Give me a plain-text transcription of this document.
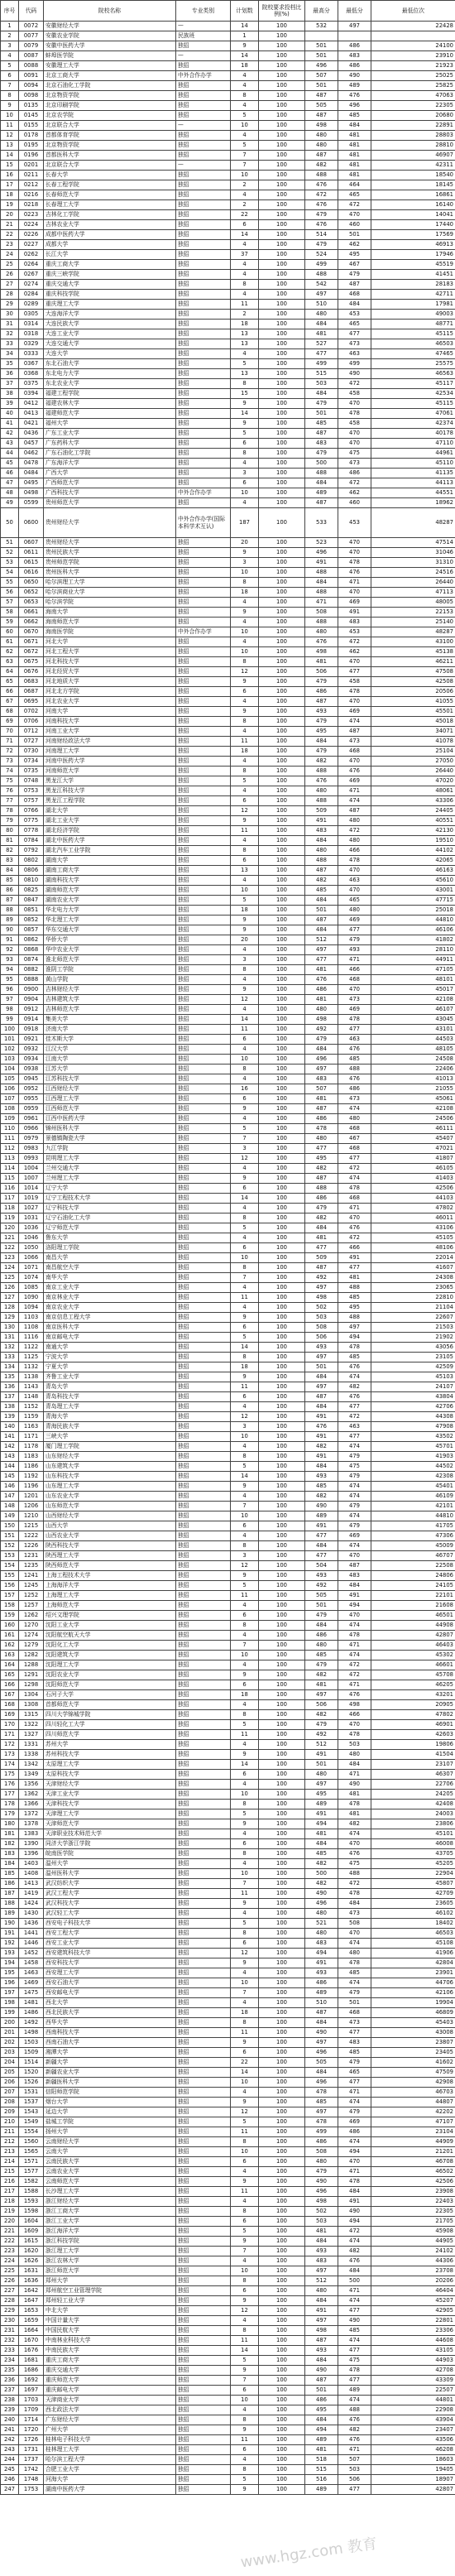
序号	代码	院校名称	专业类别	计划数	院校要求投档比例(%)	最高分	最低分	最低位次
1	0072	安徽财经大学	—	14	100	532	497	22428
2	0077	安徽农业学院	民族班	1	100			
3	0079	安徽中医药大学	独招	9	100	501	486	24100
4	0087	蚌埠医学院	—	14	100	501	483	23910
5	0088	安徽理工大学	独招	18	100	496	486	21923
6	0091	北京工商大学	中外合作办学	4	100	507	490	25025
7	0094	北京石油化工学院	独招	4	100	501	489	25825
8	0098	北京物资学院	独招	8	100	487	476	47063
9	0135	北京印刷学院	独招	4	100	505	496	22305
10	0145	北京农学院	独招	5	100	487	485	20680
11	0155	北京联合大学	—	10	100	498	484	22891
12	0178	首都体育学院	独招	4	100	480	481	28803
13	0195	北京物资学院	独招	5	100	480	481	28810
14	0196	首都医科大学	独招	7	100	487	481	46907
15	0201	北京联合大学	—	7	100	482	481	42311
16	0211	长春大学	独招	10	100	488	481	18540
17	0212	长春工程学院	独招	2	100	476	464	18145
18	0216	长春师范大学	独招	4	100	472	465	16861
19	0218	长春理工大学	独招	2	100	476	472	16140
20	0223	吉林化工学院	独招	22	100	479	470	14041
21	0224	吉林农业大学	独招	6	100	476	460	17440
22	0226	成都中医药大学	独招	14	100	514	501	17569
23	0227	成都大学	独招	4	100	479	462	46913
24	0262	长江大学	独招	37	100	524	495	17946
25	0264	重庆工商大学	独招	4	100	499	467	45519
26	0267	重庆三峡学院	独招	4	100	488	479	41451
27	0274	重庆交通大学	独招	8	100	542	487	28183
28	0284	重庆科技学院	独招	4	100	497	468	42711
29	0289	重庆理工大学	独招	11	100	510	484	17981
30	0305	大连海洋大学	独招	2	100	480	453	49003
31	0314	大连民族大学	独招	18	100	484	465	48771
32	0318	大连工业大学	独招	13	100	481	477	45115
33	0329	大连交通大学	独招	13	100	527	473	46503
34	0333	大连大学	独招	4	100	477	463	47465
35	0367	东北石油大学	独招	5	100	499	499	25575
36	0368	东北电力大学	独招	13	100	515	490	46563
37	0375	东北农业大学	独招	8	100	503	472	45117
38	0394	福建工程学院	独招	15	100	484	458	42534
39	0412	福建农林大学	独招	9	100	479	470	45115
40	0413	福建师范大学	独招	14	100	501	478	47061
41	0421	福州大学	独招	9	100	485	458	42374
42	0436	广东工业大学	独招	5	100	487	470	40178
43	0457	广东药科大学	独招	6	100	483	470	47110
44	0462	广东石油化工学院	独招	8	100	479	475	44961
45	0478	广东海洋大学	独招	4	100	500	473	45110
46	0484	广西大学	独招	3	100	488	486	41135
47	0495	广西师范大学	独招	6	100	484	472	44113
48	0498	广西科技大学	中外合作办学	10	100	489	462	44551
49	0599	贵州师范大学	独招	4	100	487	460	18962
50	0600	贵州财经大学	中外合作办学(国际本科学术互认)	187	100	533	453	48287
51	0607	贵州财经大学	独招	20	100	523	470	47514
52	0611	贵州民族大学	独招	9	100	496	470	31046
53	0615	贵州师范学院	独招	3	100	491	478	31310
54	0616	贵州医科大学	独招	10	100	488	476	24516
55	0650	哈尔滨理工大学	独招	8	100	484	471	26440
56	0652	哈尔滨商业大学	独招	18	100	488	470	47113
57	0653	哈尔滨学院	独招	4	100	471	469	48005
58	0661	海南大学	独招	9	100	508	491	22153
59	0662	海南师范大学	独招	4	100	488	483	25140
60	0670	海南医学院	中外合作办学	10	100	480	453	48287
61	0671	河北大学	独招	4	100	476	472	43100
62	0672	河北工程大学	独招	10	100	498	462	45138
63	0675	河北科技大学	独招	8	100	481	470	46211
64	0676	河北经贸大学	独招	12	100	506	477	47508
65	0683	河北地质大学	独招	9	100	479	458	42508
66	0687	河北北方学院	独招	6	100	486	478	20506
67	0695	河北农业大学	独招	4	100	487	470	41055
68	0702	河南大学	独招	9	100	493	469	45501
69	0706	河南科技大学	独招	8	100	479	474	45018
70	0712	河南工业大学	独招	4	100	495	487	34071
71	0727	河南财经政法大学	独招	11	100	484	473	41078
72	0730	河南理工大学	独招	18	100	479	468	25104
73	0734	河南中医药大学	独招	4	100	482	470	27050
74	0735	河南师范大学	独招	8	100	488	476	26440
75	0748	黑龙江大学	独招	5	100	476	469	47020
76	0753	黑龙江科技大学	独招	4	100	480	471	48061
77	0757	黑龙江工程学院	独招	6	100	488	474	43306
78	0766	湖北大学	独招	12	100	509	487	24405
79	0775	湖北工业大学	独招	9	100	491	480	40551
80	0778	湖北经济学院	独招	11	100	483	472	42130
81	0784	湖北中医药大学	独招	4	100	484	480	19510
82	0792	湖北汽车工业学院	独招	8	100	480	466	44102
83	0802	湖南大学	独招	6	100	488	478	42065
84	0806	湖南工商大学	独招	13	100	487	470	46163
85	0810	湖南科技大学	独招	4	100	482	463	45610
86	0825	湖南师范大学	独招	10	100	485	470	43001
87	0847	湖南农业大学	独招	5	100	484	465	47715
88	0851	华北电力大学	独招	18	100	501	480	25018
89	0852	华北理工大学	独招	9	100	487	469	44810
90	0857	华东交通大学	独招	9	100	484	477	46106
91	0862	华侨大学	独招	20	100	512	479	41802
92	0868	华中农业大学	独招	4	100	497	493	28110
93	0874	淮北师范大学	独招	3	100	477	471	44911
94	0882	淮阴工学院	独招	8	100	481	466	47105
95	0888	黄山学院	独招	4	100	476	468	48101
96	0900	吉林财经大学	独招	9	100	486	470	45017
97	0904	吉林建筑大学	独招	12	100	481	473	42108
98	0912	吉林师范大学	独招	4	100	480	469	46107
99	0914	集美大学	独招	14	100	498	478	43045
100	0918	济南大学	独招	11	100	492	477	43101
101	0921	佳木斯大学	独招	6	100	479	463	44503
102	0932	江汉大学	独招	4	100	484	476	48105
103	0934	江南大学	独招	10	100	496	485	24508
104	0938	江苏大学	独招	8	100	497	488	22406
105	0945	江苏科技大学	独招	4	100	483	476	41013
106	0952	江西财经大学	独招	16	100	507	486	21055
107	0955	江西理工大学	独招	6	100	481	473	45061
108	0959	江西师范大学	独招	9	100	487	474	42108
109	0961	江西中医药大学	独招	4	100	486	480	24506
110	0966	锦州医科大学	独招	5	100	478	468	46111
111	0979	景德镇陶瓷大学	独招	7	100	480	467	45407
112	0983	九江学院	独招	3	100	477	468	47021
113	0993	昆明理工大学	独招	12	100	495	477	41807
114	1004	兰州交通大学	独招	4	100	482	472	46105
115	1007	兰州理工大学	独招	9	100	487	474	41403
116	1014	辽宁大学	独招	6	100	488	478	42506
117	1019	辽宁工程技术大学	独招	14	100	486	468	44103
118	1027	辽宁科技大学	独招	4	100	479	471	47802
119	1031	辽宁石油化工大学	独招	8	100	482	470	46011
120	1036	辽宁师范大学	独招	5	100	484	476	43106
121	1046	鲁东大学	独招	4	100	481	472	45105
122	1050	洛阳理工学院	独招	6	100	477	466	48106
123	1066	南昌大学	独招	10	100	509	491	22014
124	1071	南昌航空大学	独招	8	100	487	477	41607
125	1074	南华大学	独招	7	100	492	481	24308
126	1085	南京工业大学	独招	4	100	497	488	23065
127	1090	南京林业大学	独招	11	100	498	485	22810
128	1094	南京农业大学	独招	4	100	502	495	21104
129	1103	南京信息工程大学	独招	9	100	503	488	22607
130	1108	南京医科大学	独招	6	100	508	497	21503
131	1116	南京邮电大学	独招	5	100	506	494	21902
132	1122	南通大学	独招	14	100	493	478	43056
133	1125	宁波大学	独招	8	100	497	485	23105
134	1132	宁夏大学	独招	18	100	501	476	42509
135	1138	齐鲁工业大学	独招	9	100	484	474	45103
136	1143	青岛大学	独招	11	100	497	482	24107
137	1148	青岛科技大学	独招	6	100	487	476	43804
138	1152	青岛理工大学	独招	4	100	484	477	42706
139	1159	青海大学	独招	12	100	491	472	44308
140	1163	青海民族大学	独招	3	100	476	463	47908
141	1171	三峡大学	独招	10	100	491	477	43502
142	1178	厦门理工学院	独招	4	100	482	474	45701
143	1183	山东财经大学	独招	8	100	491	479	41903
144	1186	山东建筑大学	独招	5	100	484	475	44502
145	1192	山东科技大学	独招	14	100	493	479	42308
146	1196	山东理工大学	独招	9	100	485	474	45401
147	1201	山东农业大学	独招	4	100	482	474	46109
148	1206	山东师范大学	独招	7	100	490	479	42101
149	1210	山西财经大学	独招	10	100	489	474	44810
150	1215	山西大学	独招	6	100	491	479	41705
151	1222	山西农业大学	独招	4	100	477	469	47306
152	1226	陕西科技大学	独招	8	100	484	474	45009
153	1231	陕西理工大学	独招	3	100	477	470	46707
154	1235	陕西师范大学	独招	12	100	504	487	22508
155	1241	上海工程技术大学	独招	9	100	493	483	24806
156	1245	上海海洋大学	独招	5	100	492	484	24105
157	1252	上海理工大学	独招	11	100	505	491	22101
158	1257	上海师范大学	独招	4	100	501	494	21608
159	1262	绍兴文理学院	独招	6	100	479	470	46501
160	1270	沈阳工业大学	独招	8	100	484	474	44908
161	1274	沈阳航空航天大学	独招	4	100	486	478	42807
162	1279	沈阳化工大学	独招	7	100	480	471	46403
163	1282	沈阳建筑大学	独招	10	100	485	474	45302
164	1288	沈阳理工大学	独招	4	100	479	472	46601
165	1291	沈阳农业大学	独招	9	100	482	472	45708
166	1298	沈阳师范大学	独招	6	100	481	471	46205
167	1304	石河子大学	独招	18	100	497	476	43201
168	1308	首都师范大学	独招	4	100	506	498	20905
169	1315	四川大学锦城学院	独招	8	100	482	466	47802
170	1322	四川轻化工大学	独招	5	100	479	470	46901
171	1327	四川师范大学	独招	11	100	492	478	42603
172	1331	苏州大学	独招	4	100	512	503	19806
173	1338	苏州科技大学	独招	9	100	491	480	41504
174	1342	太原理工大学	独招	14	100	501	484	23107
175	1349	太原科技大学	独招	6	100	480	471	46307
176	1356	天津财经大学	独招	4	100	497	490	22706
177	1362	天津工业大学	独招	10	100	495	481	24205
178	1366	天津科技大学	独招	8	100	489	478	42408
179	1372	天津理工大学	独招	5	100	491	481	24003
180	1378	天津师范大学	独招	9	100	494	482	23806
181	1383	天津职业技术师范大学	独招	4	100	481	474	45101
182	1390	同济大学浙江学院	独招	6	100	484	470	46008
183	1396	皖南医学院	独招	8	100	485	476	43705
184	1403	温州大学	独招	4	100	482	475	45205
185	1408	温州医科大学	独招	10	100	500	488	22904
186	1413	武汉纺织大学	独招	7	100	482	472	45807
187	1419	武汉工程大学	独招	11	100	490	478	42709
188	1424	武汉科技大学	独招	9	100	496	484	23605
189	1430	武汉轻工大学	独招	4	100	480	473	46102
190	1436	西安电子科技大学	独招	5	100	521	508	18402
191	1441	西安工程大学	独招	8	100	480	470	46503
192	1446	西安工业大学	独招	6	100	483	474	45108
193	1452	西安建筑科技大学	独招	12	100	494	480	41906
194	1458	西安科技大学	独招	9	100	491	478	42804
195	1463	西安理工大学	独招	4	100	493	485	23901
196	1469	西安石油大学	独招	10	100	486	474	44706
197	1475	西安邮电大学	独招	7	100	489	479	42106
198	1481	西北大学	独招	4	100	510	501	19904
199	1486	西北民族大学	独招	18	100	487	468	46809
200	1492	西华大学	独招	8	100	484	473	45403
201	1498	西南科技大学	独招	11	100	490	477	43008
202	1503	西南石油大学	独招	9	100	497	483	23807
203	1509	湘潭大学	独招	6	100	496	485	23405
204	1514	新疆大学	独招	22	100	505	479	41602
205	1520	新疆农业大学	独招	14	100	484	465	47509
206	1526	新疆医科大学	独招	10	100	496	477	42908
207	1531	信阳师范学院	独招	4	100	478	471	46703
208	1537	烟台大学	独招	9	100	485	474	44807
209	1543	延边大学	独招	12	100	497	479	42202
210	1549	盐城工学院	独招	5	100	478	469	47107
211	1554	扬州大学	独招	11	100	499	486	23104
212	1560	云南财经大学	独招	8	100	486	474	44909
213	1565	云南大学	独招	10	100	508	494	21201
214	1571	云南民族大学	独招	6	100	480	470	46708
215	1577	云南农业大学	独招	4	100	479	471	46502
216	1582	云南师范大学	独招	9	100	490	478	42506
217	1588	长沙理工大学	独招	11	100	496	484	23908
218	1593	浙江财经大学	独招	4	100	498	491	22403
219	1598	浙江工商大学	独招	8	100	502	490	22305
220	1604	浙江工业大学	独招	6	100	503	494	21705
221	1609	浙江海洋大学	独招	5	100	481	472	45908
222	1615	浙江科技学院	独招	9	100	484	474	44905
223	1620	浙江理工大学	独招	7	100	493	482	24102
224	1626	浙江农林大学	独招	4	100	483	476	44306
225	1631	浙江师范大学	独招	10	100	497	484	23708
226	1636	郑州大学	独招	8	100	512	500	20206
227	1642	郑州航空工业管理学院	独招	6	100	480	471	46404
228	1647	郑州轻工业大学	独招	9	100	484	474	45207
229	1653	中北大学	独招	12	100	491	477	42905
230	1659	中国计量大学	独招	4	100	497	490	22801
231	1664	中国民航大学	独招	8	100	498	485	23306
232	1670	中南林业科技大学	独招	11	100	487	474	44608
233	1676	中南民族大学	独招	14	100	493	477	43105
234	1681	重庆工商大学	独招	5	100	484	475	44903
235	1686	重庆交通大学	独招	9	100	490	478	42708
236	1692	重庆师范大学	独招	7	100	487	477	43309
237	1697	重庆邮电大学	独招	6	100	501	489	22507
238	1703	天津商业大学	独招	10	100	486	474	44801
239	1709	西北政法大学	独招	4	100	495	488	22908
240	1714	广东财经大学	独招	8	100	484	476	43904
241	1720	广州大学	独招	9	100	494	482	23407
242	1726	桂林电子科技大学	独招	11	100	489	476	43506
243	1731	桂林理工大学	独招	6	100	481	471	46208
244	1737	哈尔滨工程大学	独招	4	100	518	507	18603
245	1742	合肥工业大学	独招	8	100	515	503	19405
246	1748	河海大学	独招	5	100	516	506	18907
247	1753	湖南中医药大学	独招	9	100	489	477	42807
www.hgz.com 教育
